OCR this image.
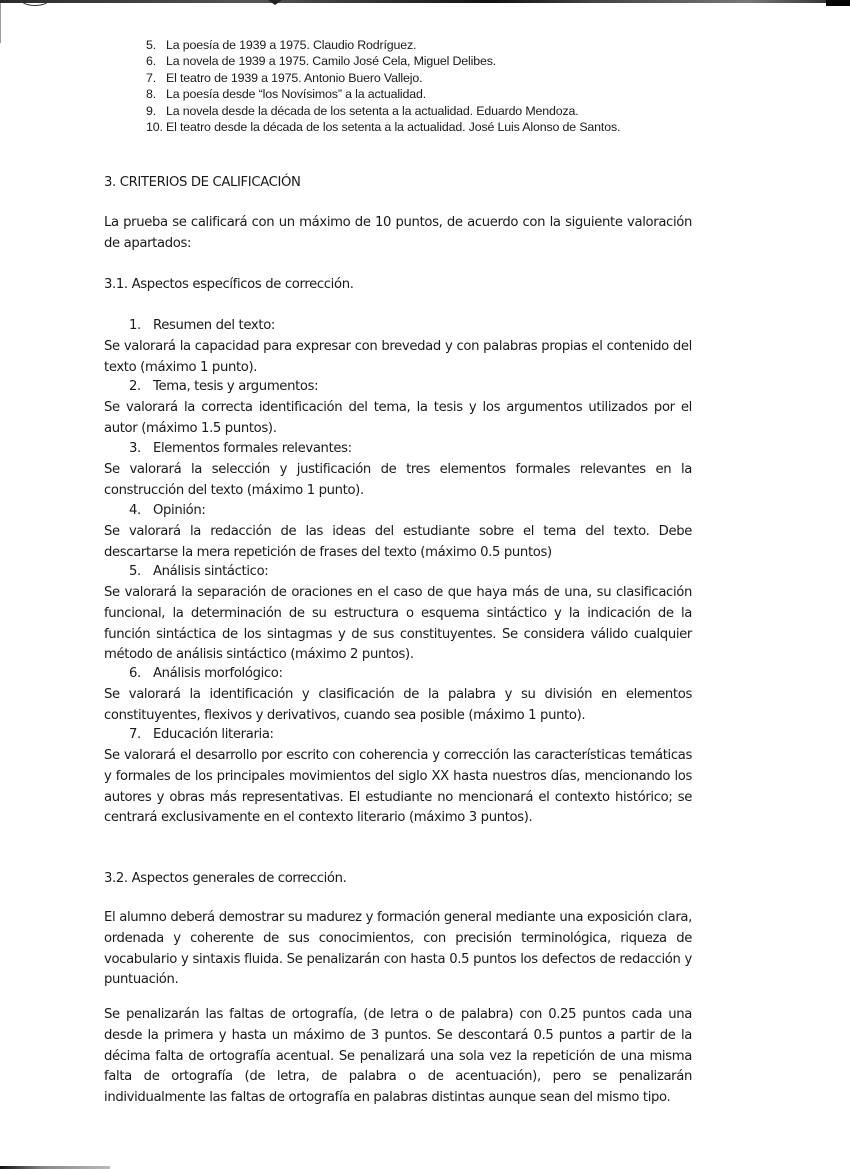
5. La poesía de 1939 a 1975. Claudio Rodríguez.
6. La novela de 1939 a 1975. Camilo José Cela, Miguel Delibes.
7. El teatro de 1939 a 1975. Antonio Buero Vallejo.
8. La poesía desde “los Novísimos” a la actualidad.
9. La novela desde la década de los setenta a la actualidad. Eduardo Mendoza.
10. El teatro desde la década de los setenta a la actualidad. José Luis Alonso de Santos.
3. CRITERIOS DE CALIFICACIÓN

La prueba se calificará con un máximo de 10 puntos, de acuerdo con la siguiente valoración de apartados:

3.1. Aspectos específicos de corrección.
1. Resumen del texto:

Se valorará la capacidad para expresar con brevedad y con palabras propias el contenido del texto (máximo 1 punto).

2. Tema, tesis y argumentos:

Se valorará la correcta identificación del tema, la tesis y los argumentos utilizados por el autor (máximo 1.5 puntos).

3. Elementos formales relevantes:

Se valorará la selección y justificación de tres elementos formales relevantes en la construcción del texto (máximo 1 punto).

4. Opinión:

Se valorará la redacción de las ideas del estudiante sobre el tema del texto. Debe descartarse la mera repetición de frases del texto (máximo 0.5 puntos)

5. Análisis sintáctico:

Se valorará la separación de oraciones en el caso de que haya más de una, su clasificación funcional, la determinación de su estructura o esquema sintáctico y la indicación de la función sintáctica de los sintagmas y de sus constituyentes. Se considera válido cualquier método de análisis sintáctico (máximo 2 puntos).

6. Análisis morfológico:

Se valorará la identificación y clasificación de la palabra y su división en elementos constituyentes, flexivos y derivativos, cuando sea posible (máximo 1 punto).

7. Educación literaria:

Se valorará el desarrollo por escrito con coherencia y corrección las características temáticas y formales de los principales movimientos del siglo XX hasta nuestros días, mencionando los autores y obras más representativas. El estudiante no mencionará el contexto histórico; se centrará exclusivamente en el contexto literario (máximo 3 puntos).

3.2. Aspectos generales de corrección.

El alumno deberá demostrar su madurez y formación general mediante una exposición clara, ordenada y coherente de sus conocimientos, con precisión terminológica, riqueza de vocabulario y sintaxis fluida. Se penalizarán con hasta 0.5 puntos los defectos de redacción y puntuación.

Se penalizarán las faltas de ortografía, (de letra o de palabra) con 0.25 puntos cada una desde la primera y hasta un máximo de 3 puntos. Se descontará 0.5 puntos a partir de la décima falta de ortografía acentual. Se penalizará una sola vez la repetición de una misma falta de ortografía (de letra, de palabra o de acentuación), pero se penalizarán individualmente las faltas de ortografía en palabras distintas aunque sean del mismo tipo.
